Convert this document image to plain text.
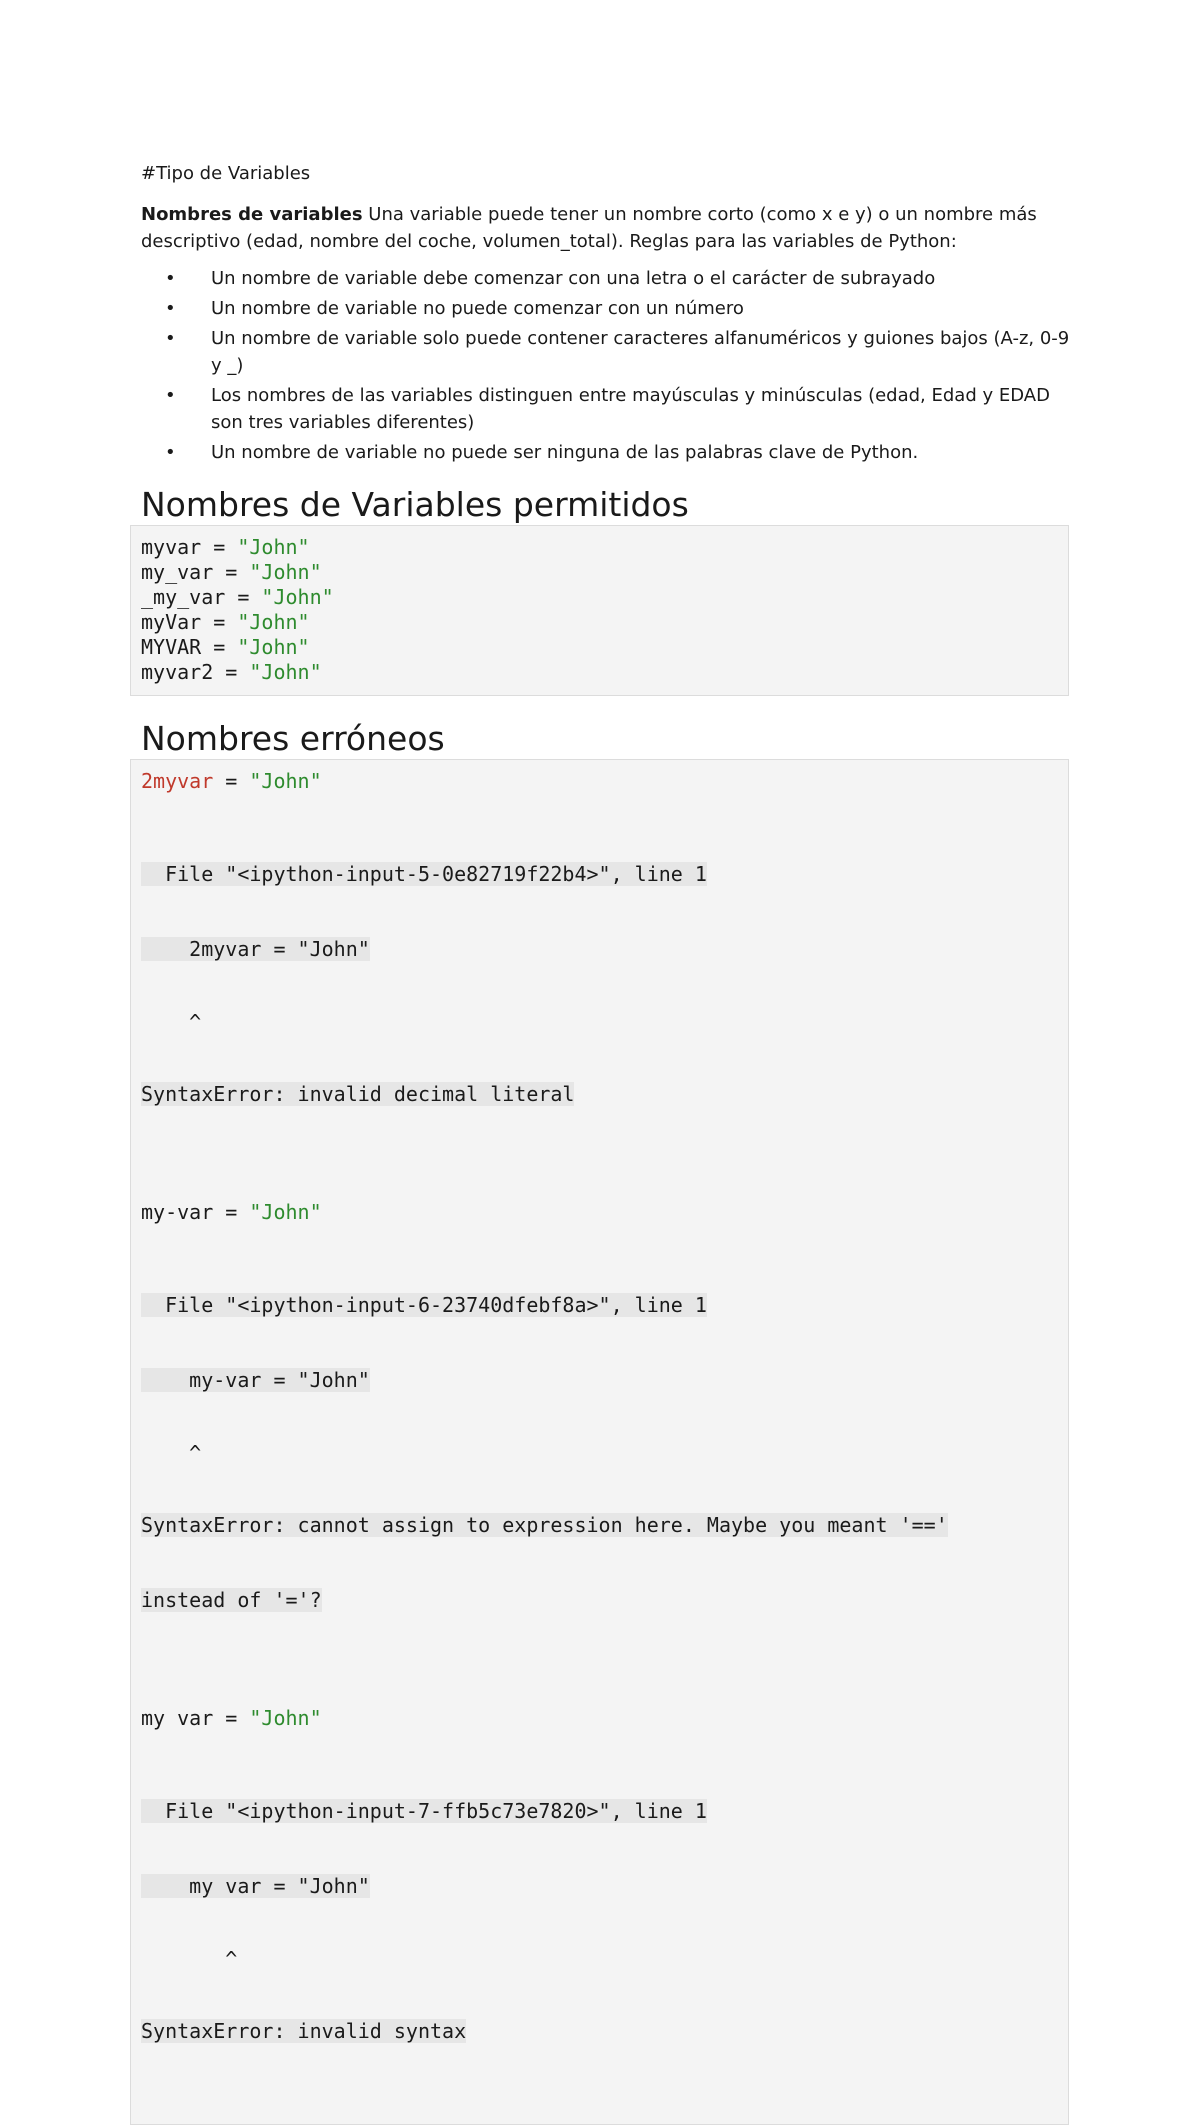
#Tipo de Variables

Nombres de variables Una variable puede tener un nombre corto (como x e y) o un nombre más descriptivo (edad, nombre del coche, volumen_total). Reglas para las variables de Python:

• Un nombre de variable debe comenzar con una letra o el carácter de subrayado
• Un nombre de variable no puede comenzar con un número
• Un nombre de variable solo puede contener caracteres alfanuméricos y guiones bajos (A-z, 0-9 y _)
• Los nombres de las variables distinguen entre mayúsculas y minúsculas (edad, Edad y EDAD son tres variables diferentes)
• Un nombre de variable no puede ser ninguna de las palabras clave de Python.
Nombres de Variables permitidos
myvar = "John"
my_var = "John"
_my_var = "John"
myVar = "John"
MYVAR = "John"
myvar2 = "John"
Nombres erróneos
2myvar = "John"

File "<ipython-input-5-0e82719f22b4>", line 1

2myvar = "John"

^

SyntaxError: invalid decimal literal

my-var = "John"

File "<ipython-input-6-23740dfebf8a>", line 1

my-var = "John"

^

SyntaxError: cannot assign to expression here. Maybe you meant '=='

instead of '='?

my var = "John"

File "<ipython-input-7-ffb5c73e7820>", line 1

my var = "John"

^

SyntaxError: invalid syntax
